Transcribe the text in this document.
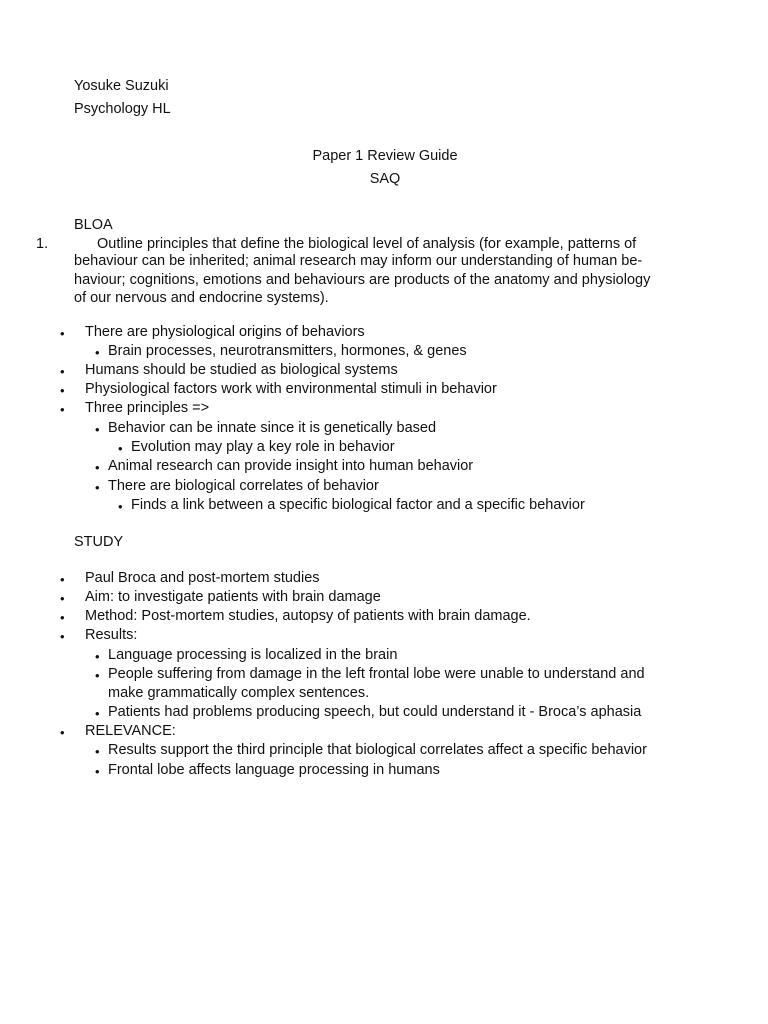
Yosuke Suzuki
Psychology HL
Paper 1 Review Guide
SAQ
BLOA
1.	Outline principles that define the biological level of analysis (for example, patterns of
behaviour can be inherited; animal research may inform our understanding of human be-
haviour; cognitions, emotions and behaviours are products of the anatomy and physiology
of our nervous and endocrine systems).
• There are physiological origins of behaviors
• Brain processes, neurotransmitters, hormones, & genes
• Humans should be studied as biological systems
• Physiological factors work with environmental stimuli in behavior
• Three principles =>
• Behavior can be innate since it is genetically based
• Evolution may play a key role in behavior
• Animal research can provide insight into human behavior
• There are biological correlates of behavior
• Finds a link between a specific biological factor and a specific behavior
STUDY
• Paul Broca and post-mortem studies
• Aim: to investigate patients with brain damage
• Method: Post-mortem studies, autopsy of patients with brain damage.
• Results:
• Language processing is localized in the brain
• People suffering from damage in the left frontal lobe were unable to understand and
make grammatically complex sentences.
• Patients had problems producing speech, but could understand it - Broca’s aphasia
• RELEVANCE:
• Results support the third principle that biological correlates affect a specific behavior
• Frontal lobe affects language processing in humans
